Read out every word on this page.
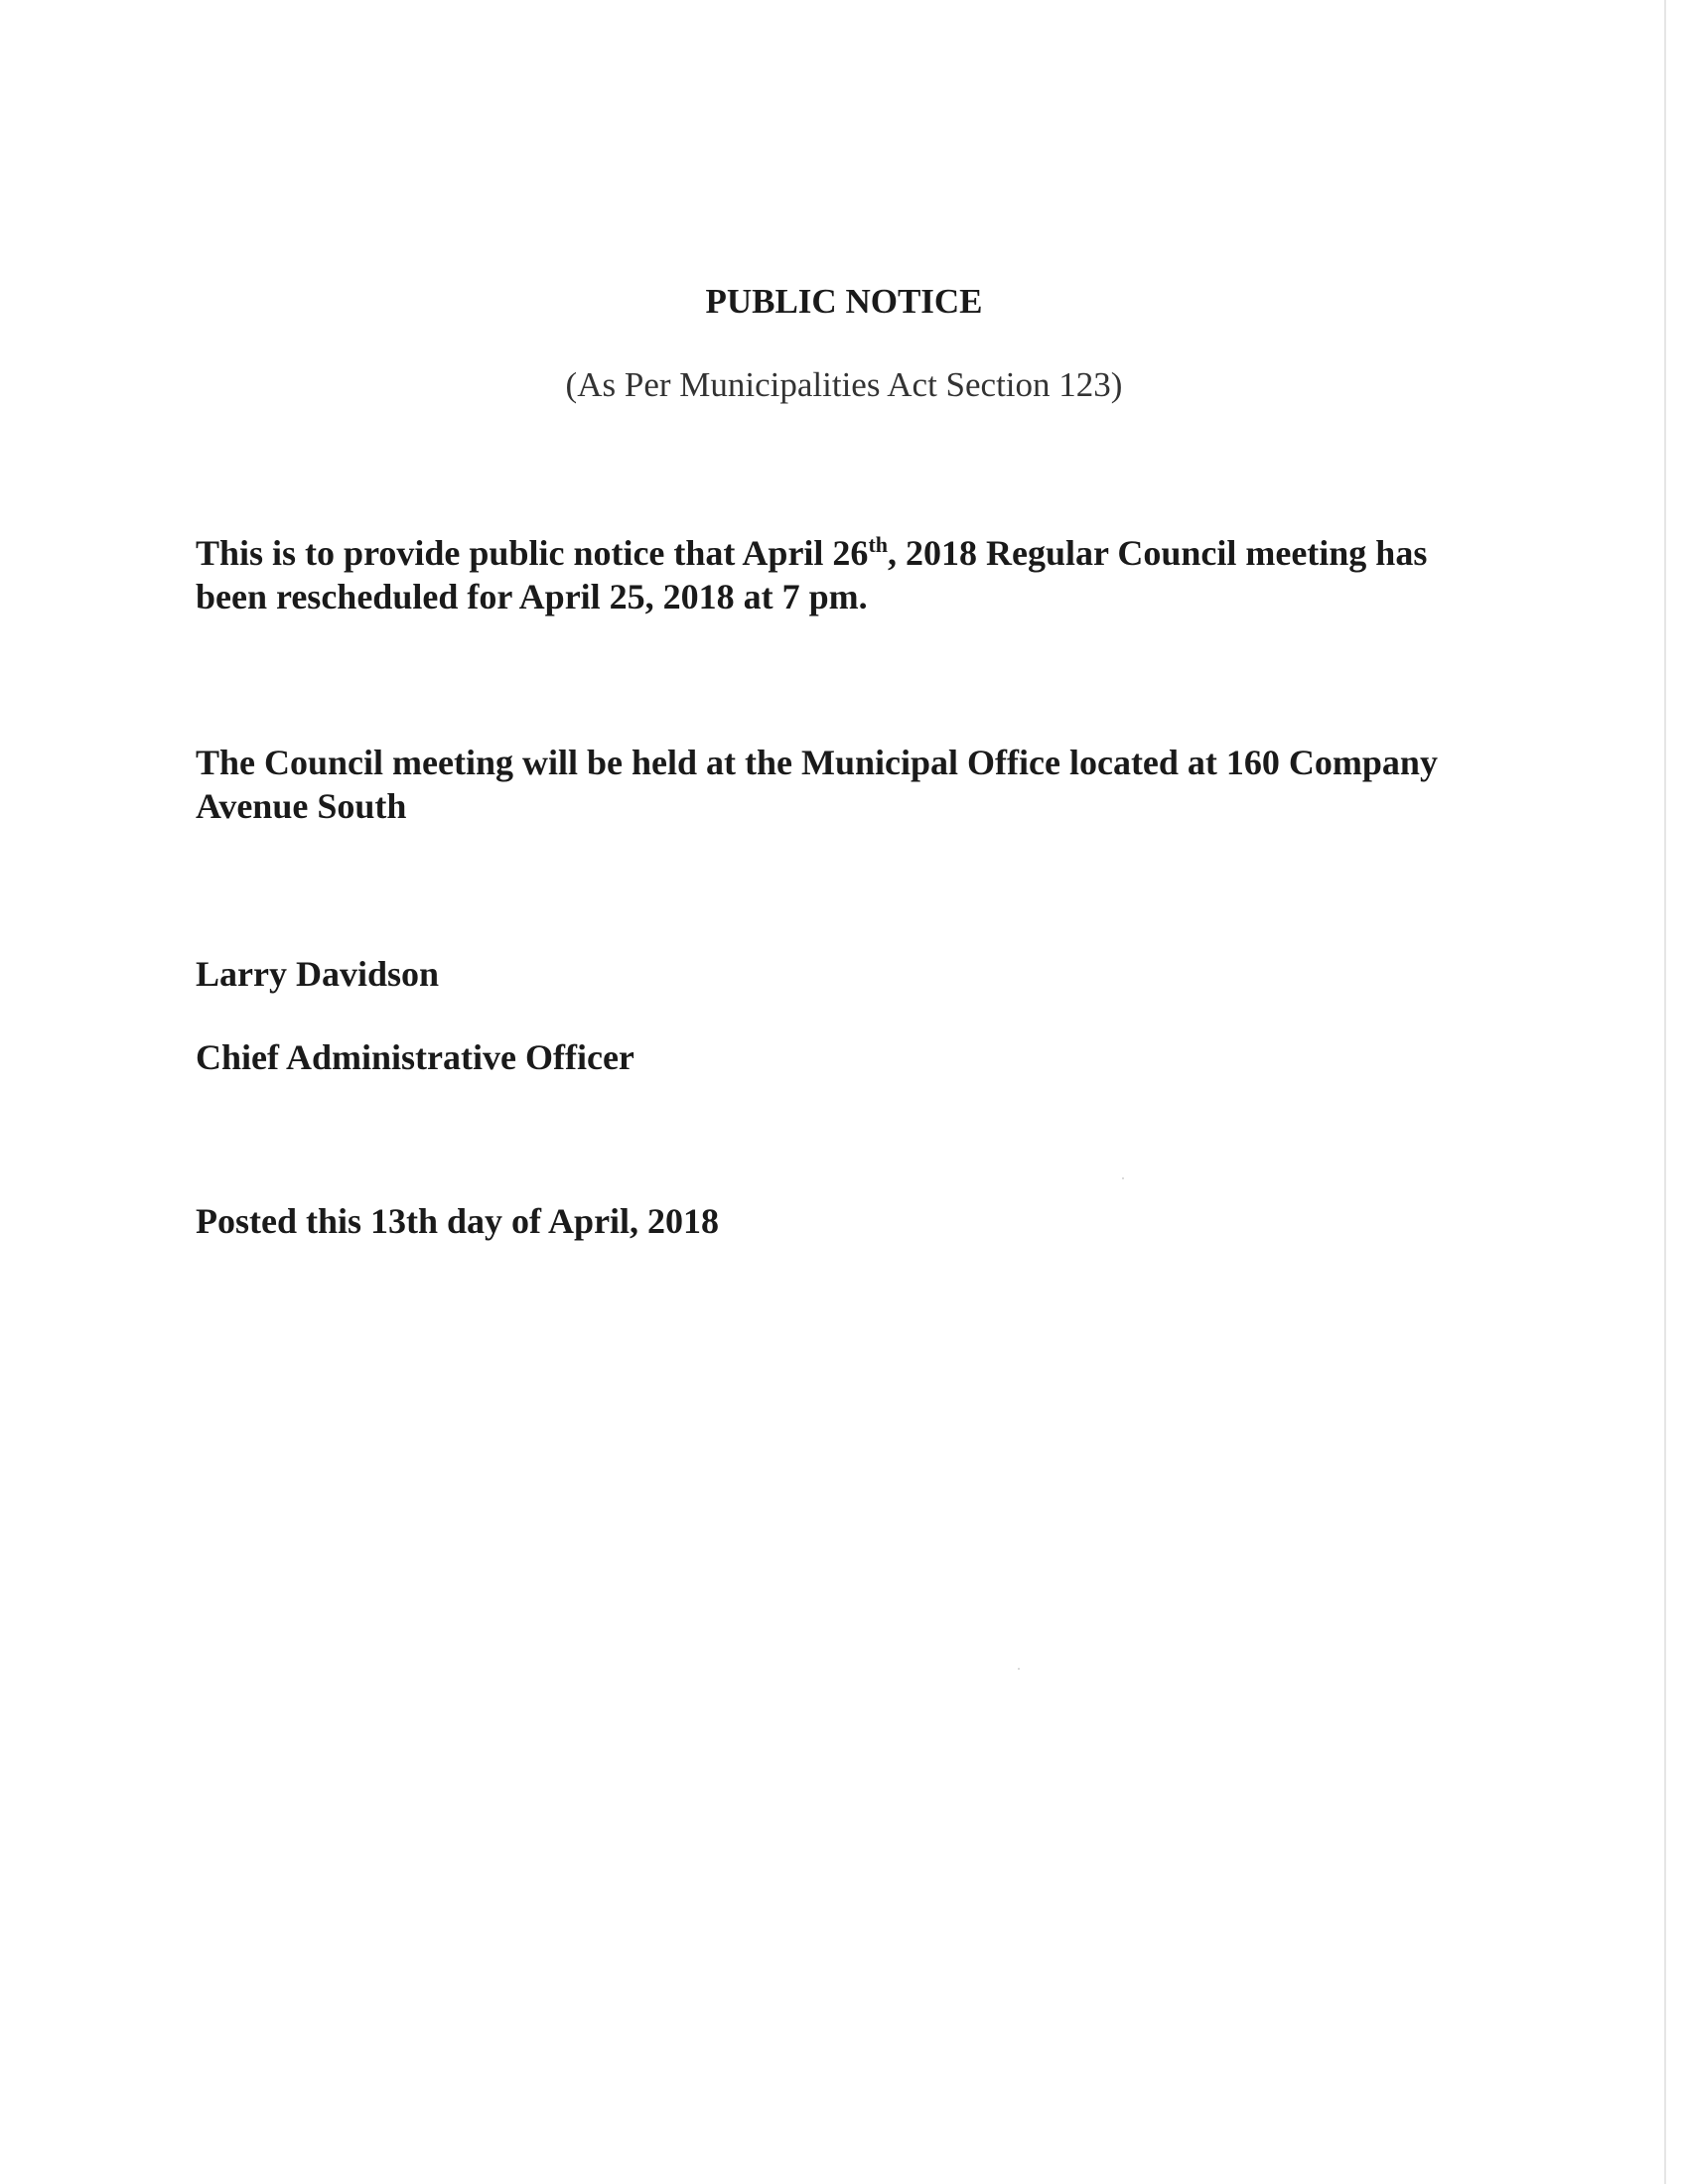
PUBLIC NOTICE
(As Per Municipalities Act Section 123)
This is to provide public notice that April 26th, 2018 Regular Council meeting has been rescheduled for April 25, 2018 at 7 pm.
The Council meeting will be held at the Municipal Office located at 160 Company Avenue South
Larry Davidson
Chief Administrative Officer
Posted this 13th day of April, 2018
